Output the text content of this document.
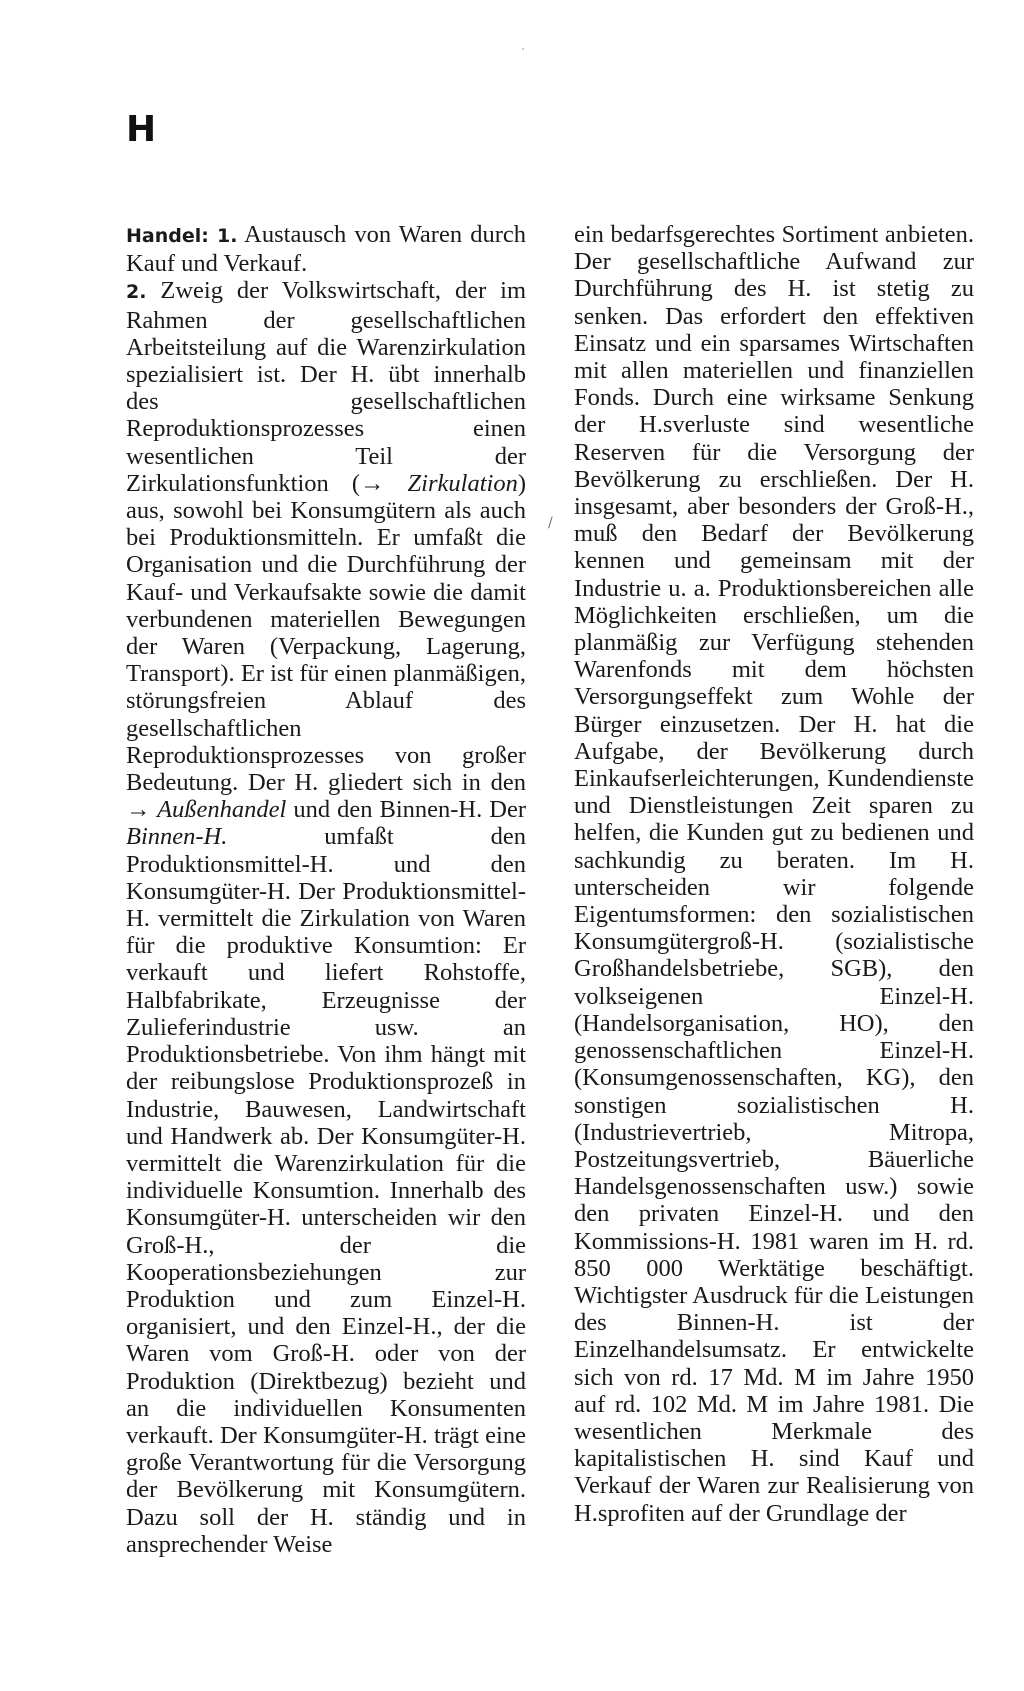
/
H

Handel: 1. Austausch von Waren durch Kauf und Verkauf.
2. Zweig der Volkswirtschaft, der im Rahmen der gesellschaftlichen Arbeitsteilung auf die Warenzirkulation spezialisiert ist. Der H. übt innerhalb des gesellschaftlichen Reproduktionsprozesses einen wesentlichen Teil der Zirkulationsfunktion (→ Zirkulation) aus, sowohl bei Konsumgütern als auch bei Produktionsmitteln. Er umfaßt die Organisation und die Durchführung der Kauf- und Verkaufsakte sowie die damit verbundenen materiellen Bewegungen der Waren (Verpackung, Lagerung, Transport). Er ist für einen planmäßigen, störungsfreien Ablauf des gesellschaftlichen Reproduktionsprozesses von großer Bedeutung. Der H. gliedert sich in den → Außenhandel und den Binnen-H. Der Binnen-H. umfaßt den Produktionsmittel-H. und den Konsumgüter-H. Der Produktionsmittel-H. vermittelt die Zirkulation von Waren für die produktive Konsumtion: Er verkauft und liefert Rohstoffe, Halbfabrikate, Erzeugnisse der Zulieferindustrie usw. an Produktionsbetriebe. Von ihm hängt mit der reibungslose Produktionsprozeß in Industrie, Bauwesen, Landwirtschaft und Handwerk ab. Der Konsumgüter-H. vermittelt die Warenzirkulation für die individuelle Konsumtion. Innerhalb des Konsumgüter-H. unterscheiden wir den Groß-H., der die Kooperationsbeziehungen zur Produktion und zum Einzel-H. organisiert, und den Einzel-H., der die Waren vom Groß-H. oder von der Produktion (Direktbezug) bezieht und an die individuellen Konsumenten verkauft. Der Konsumgüter-H. trägt eine große Verantwortung für die Versorgung der Bevölkerung mit Konsumgütern. Dazu soll der H. ständig und in ansprechender Weise

ein bedarfsgerechtes Sortiment anbieten. Der gesellschaftliche Aufwand zur Durchführung des H. ist stetig zu senken. Das erfordert den effektiven Einsatz und ein sparsames Wirtschaften mit allen materiellen und finanziellen Fonds. Durch eine wirksame Senkung der H.sverluste sind wesentliche Reserven für die Versorgung der Bevölkerung zu erschließen. Der H. insgesamt, aber besonders der Groß-H., muß den Bedarf der Bevölkerung kennen und gemeinsam mit der Industrie u. a. Produktionsbereichen alle Möglichkeiten erschließen, um die planmäßig zur Verfügung stehenden Warenfonds mit dem höchsten Versorgungseffekt zum Wohle der Bürger einzusetzen. Der H. hat die Aufgabe, der Bevölkerung durch Einkaufserleichterungen, Kundendienste und Dienstleistungen Zeit sparen zu helfen, die Kunden gut zu bedienen und sachkundig zu beraten. Im H. unterscheiden wir folgende Eigentumsformen: den sozialistischen Konsumgütergroß-H. (sozialistische Großhandelsbetriebe, SGB), den volkseigenen Einzel-H. (Handelsorganisation, HO), den genossenschaftlichen Einzel-H. (Konsumgenossenschaften, KG), den sonstigen sozialistischen H. (Industrievertrieb, Mitropa, Postzeitungsvertrieb, Bäuerliche Handelsgenossenschaften usw.) sowie den privaten Einzel-H. und den Kommissions-H. 1981 waren im H. rd. 850 000 Werktätige beschäftigt. Wichtigster Ausdruck für die Leistungen des Binnen-H. ist der Einzelhandelsumsatz. Er entwickelte sich von rd. 17 Md. M im Jahre 1950 auf rd. 102 Md. M im Jahre 1981. Die wesentlichen Merkmale des kapitalistischen H. sind Kauf und Verkauf der Waren zur Realisierung von H.sprofiten auf der Grundlage der
